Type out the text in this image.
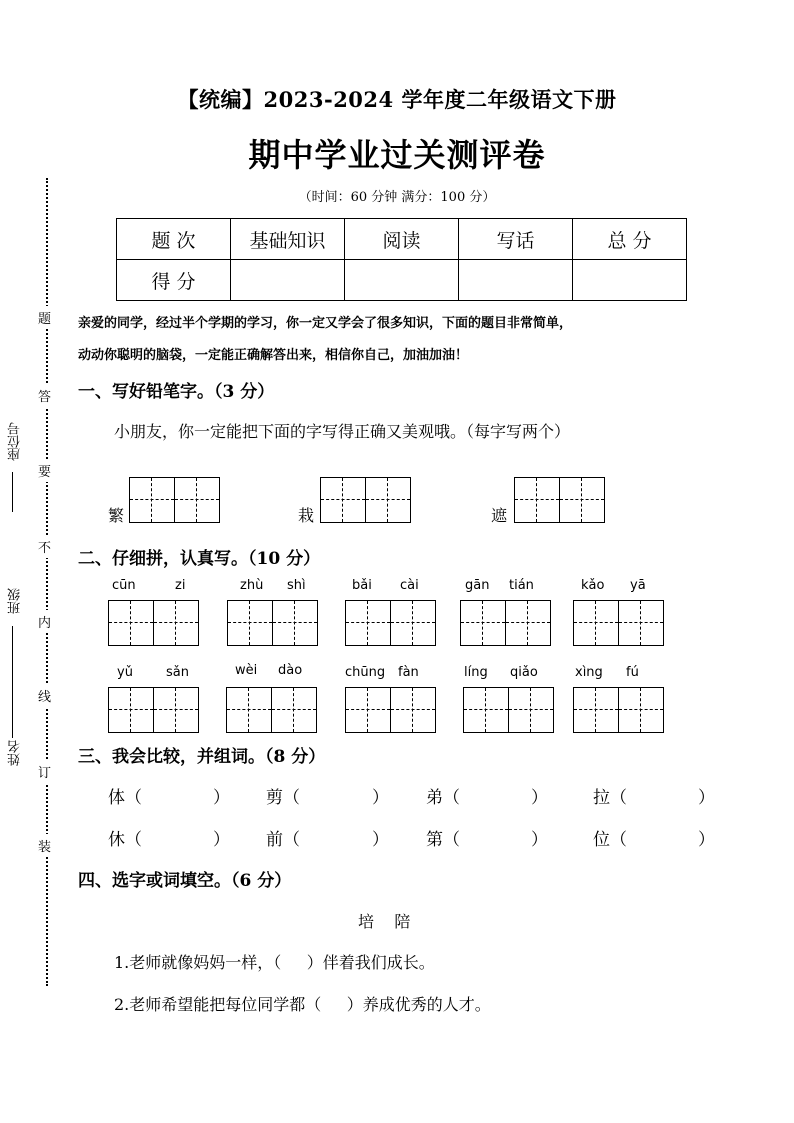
题
答
要
不
内
线
订
装
座位号
班级
姓名
【统编】2023-2024 学年度二年级语文下册
期中学业过关测评卷
（时间：60 分钟 满分：100 分）
题 次	基础知识	阅读	写话	总 分
得 分				
亲爱的同学，经过半个学期的学习，你一定又学会了很多知识，下面的题目非常简单，
动动你聪明的脑袋，一定能正确解答出来，相信你自己，加油加油！
一、写好铅笔字。（3 分）
小朋友，你一定能把下面的字写得正确又美观哦。（每字写两个）
繁	栽	遮
二、仔细拼，认真写。（10 分）
cūn	zi	zhù shì	bǎi cài	gān tián	kǎo yā
yǔ	sǎn	wèi dào	chūng fàn	líng qiǎo	xìng fú
三、我会比较，并组词。（8 分）
体（	） 剪（	） 弟（	）	拉（	）
休（	） 前（	） 第（	）	位（	）
四、选字或词填空。（6 分）
培    陪
1.老师就像妈妈一样，（     ）伴着我们成长。
2.老师希望能把每位同学都（     ）养成优秀的人才。
